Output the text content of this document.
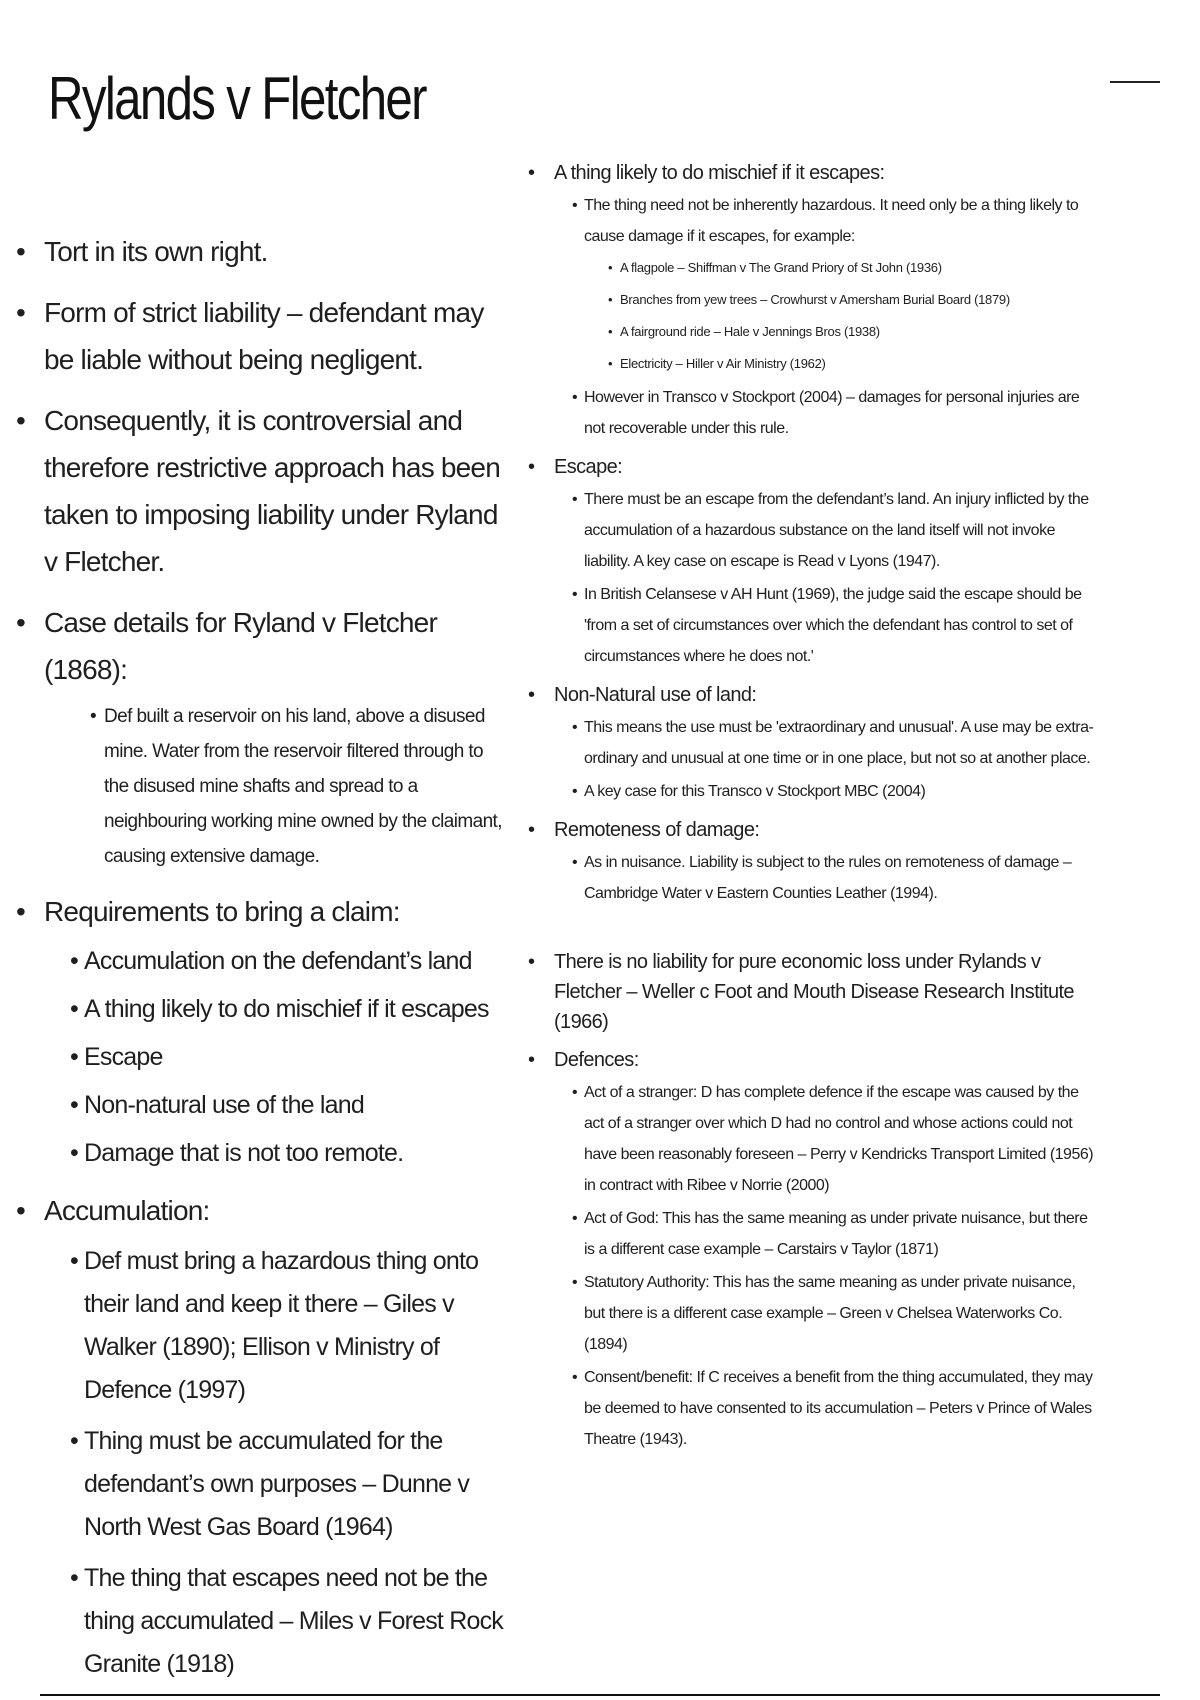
Rylands v Fletcher
• Tort in its own right.
• Form of strict liability – defendant may be liable without being negligent.
• Consequently, it is controversial and therefore restrictive approach has been taken to imposing liability under Ryland v Fletcher.
• Case details for Ryland v Fletcher (1868):
• Def built a reservoir on his land, above a disused mine. Water from the reservoir filtered through to the disused mine shafts and spread to a neighbouring working mine owned by the claimant, causing extensive damage.
• Requirements to bring a claim:
• Accumulation on the defendant’s land
• A thing likely to do mischief if it escapes
• Escape
• Non-natural use of the land
• Damage that is not too remote.
• Accumulation:
• Def must bring a hazardous thing onto their land and keep it there – Giles v Walker (1890); Ellison v Ministry of Defence (1997)
• Thing must be accumulated for the defendant’s own purposes – Dunne v North West Gas Board (1964)
• The thing that escapes need not be the thing accumulated – Miles v Forest Rock Granite (1918)
• A thing likely to do mischief if it escapes:
• The thing need not be inherently hazardous. It need only be a thing likely to cause damage if it escapes, for example:
• A flagpole – Shiffman v The Grand Priory of St John (1936)
• Branches from yew trees – Crowhurst v Amersham Burial Board (1879)
• A fairground ride – Hale v Jennings Bros (1938)
• Electricity – Hiller v Air Ministry (1962)
• However in Transco v Stockport (2004) – damages for personal injuries are not recoverable under this rule.
• Escape:
• There must be an escape from the defendant’s land. An injury inflicted by the accumulation of a hazardous substance on the land itself will not invoke liability. A key case on escape is Read v Lyons (1947).
• In British Celansese v AH Hunt (1969), the judge said the escape should be 'from a set of circumstances over which the defendant has control to set of circumstances where he does not.'
• Non-Natural use of land:
• This means the use must be 'extraordinary and unusual'. A use may be extra-ordinary and unusual at one time or in one place, but not so at another place.
• A key case for this Transco v Stockport MBC (2004)
• Remoteness of damage:
• As in nuisance. Liability is subject to the rules on remoteness of damage – Cambridge Water v Eastern Counties Leather (1994).
• There is no liability for pure economic loss under Rylands v Fletcher – Weller c Foot and Mouth Disease Research Institute (1966)
• Defences:
• Act of a stranger: D has complete defence if the escape was caused by the act of a stranger over which D had no control and whose actions could not have been reasonably foreseen – Perry v Kendricks Transport Limited (1956) in contract with Ribee v Norrie (2000)
• Act of God: This has the same meaning as under private nuisance, but there is a different case example – Carstairs v Taylor (1871)
• Statutory Authority: This has the same meaning as under private nuisance, but there is a different case example – Green v Chelsea Waterworks Co. (1894)
• Consent/benefit: If C receives a benefit from the thing accumulated, they may be deemed to have consented to its accumulation – Peters v Prince of Wales Theatre (1943).
